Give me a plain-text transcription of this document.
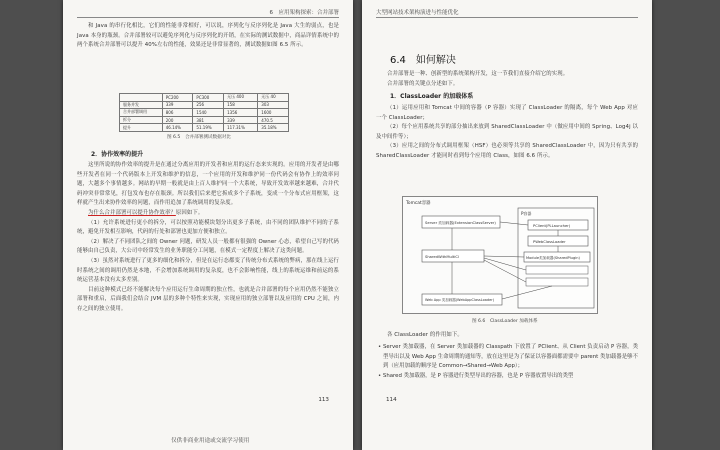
6　应用架构探索：合并部署

和 Java 的串行化相比，它们的性能非常相好，可以说，序列化与反序列化是 Java 大生的弱点，也是 Java 本身的瓶颈。合并部署较可以避免序列化与反序列化的开销，在实际的测试数据中，商品详情系统中的两个系统合并部署可以提升 40%左右的性能，效果还是非常显著的，测试数据如图 6.5 所示。

	PC200	PC300	无压 400	无压 40
服务并发	339	256	158	303
合并部署调用	806	1540	1356	1600
拆分	200	381	339	470.5
提升	46.14%	51.19%	117.31%	35.18%
图 6.5　合并部署测试数据对比
2．协作效率的提升

这里所说的协作效率的提升是在通过分离应用的开发者和应用的运行态来实现的。应用的开发者是由哪些开发者在同一个代码版本上开发和维护的信息，一个应用的开发和维护同一份代码会有协作上的效率问题，大越多个事情越多。网站的早期一般就是由上百人维护同一个大系统，导致开发效率越来越难，合并代码冲突非常常见，打包发布也存在瓶颈。所以我们后来把它拆成多个子系统，变成一个分布式应用框架，这样就产生出来协作效率的问题，而作用追加了系统调用的复杂度。

为什么合并部署可以提升协作效率？原因如下。

（1）允许系统进行更小的拆分，可以按照功能模块划分出更多子系统，由不同的团队维护不同的子系统，避免开发相互影响，代码的行处和部署也更加方便和独立。

（2）解决了不同团队之间的 Owner 问题，研发人员一般都有很强的 Owner 心态，希望自己写的代码能够由自己负责，大公司中经常发生的业务职能分工问题，在模式一定程度上解决了这类问题。

（3）虽然对系统进行了更多的细化和拆分，但是在运行态都变了传统分布式系统的弊病，那在线上运行时系统之间的调用仍然是本地，不会增加系统调用的复杂度，也不会影响性能，线上的系统运维和前运的系统运营基本没有太多差别。

目前这种模式已经不能解决每个应用运行生命周期的独立性，也就是合并部署的每个应用仍然不能独立部署和重启，后面我们会结合 JVM 层的多种个特性来实现，实现应用的独立部署以及应用的 CPU 之间，内存之间的独立使用。

113
仅供非商业用途或交流学习使用
大型网站技术架构演进与性能优化
6.4　如何解决

合并部署是一种、创新型的系统架构开发，这一节我们直接介绍它的实现。

合并部署的关键点分述如下。

1．ClassLoader 的加载体系

（1）运用应用和 Tomcat 中间的容器（P 容器）实现了 ClassLoader 的隔离，每个 Web App 对应一个 ClassLoader；

（2）每个应用系统共享的部分抽出来放到 SharedClassLoader 中（做应用中间的 Spring、Log4j 以及中间件等）；

（3）应用之间的分布式调用框架（HSF）也必须等共享的 SharedClassLoader 中，因为只有共享的 SharedClassLoader 才能同时看到每个应用的 Class，如图 6.6 所示。

Tomcat容器
Server 类加载器(ExtensionClassServer)
P容器
PClient(PLLauncher)
PWebClassLoader
SharedWithMultiCl	Module类加载器(SharedPlugin)
Web App 类加载器(WebAppClassLoader)
图 6.6　ClassLoader 加载体系

各 ClassLoader 的作用如下。

• Server 类加载器，在 Server 类加载器的 Classpath 下放置了 PClient、从 Client 负责启动 P 容器，类型导出以及 Web App 生命周期的通知等，放在这里是为了保证以容器面都需要中 parent 类加载器是够不到（应用加载的顺序是 Common→Shared→Web App）；
• Shared 类加载器，是 P 容器进行类型导出的容器，也是 P 容器放置导出的类型
114
